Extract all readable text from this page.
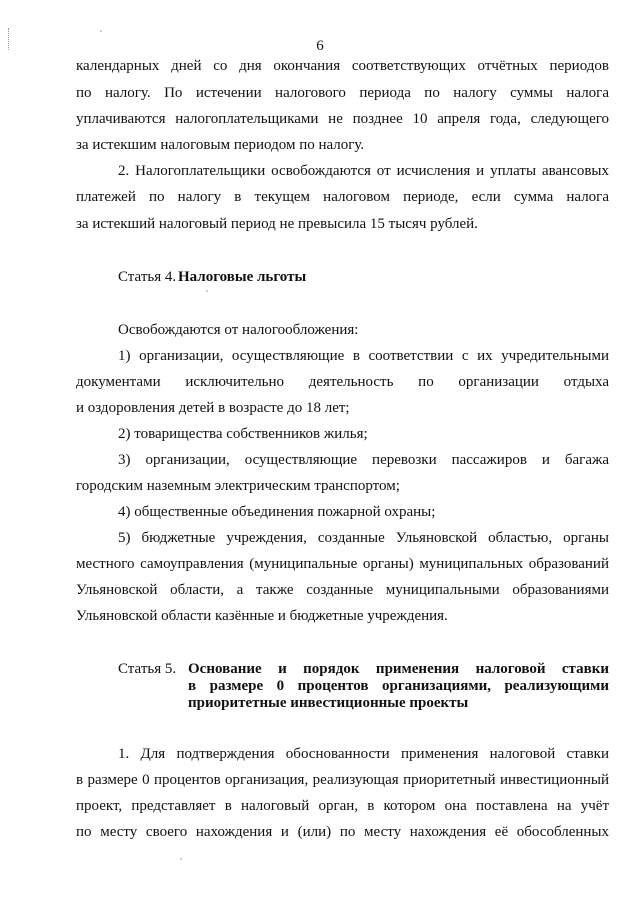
6
календарных дней со дня окончания соответствующих отчётных периодов
по налогу. По истечении налогового периода по налогу суммы налога
уплачиваются налогоплательщиками не позднее 10 апреля года, следующего
за истекшим налоговым периодом по налогу.
2. Налогоплательщики освобождаются от исчисления и уплаты авансовых
платежей по налогу в текущем налоговом периоде, если сумма налога
за истекший налоговый период не превысила 15 тысяч рублей.
Статья 4. Налоговые льготы
Освобождаются от налогообложения:
1) организации, осуществляющие в соответствии с их учредительными
документами исключительно деятельность по организации отдыха
и оздоровления детей в возрасте до 18 лет;
2) товарищества собственников жилья;
3) организации, осуществляющие перевозки пассажиров и багажа
городским наземным электрическим транспортом;
4) общественные объединения пожарной охраны;
5) бюджетные учреждения, созданные Ульяновской областью, органы
местного самоуправления (муниципальные органы) муниципальных образований
Ульяновской области, а также созданные муниципальными образованиями
Ульяновской области казённые и бюджетные учреждения.
Статья 5. Основание и порядок применения налоговой ставки
в размере 0 процентов организациями, реализующими
приоритетные инвестиционные проекты
1. Для подтверждения обоснованности применения налоговой ставки
в размере 0 процентов организация, реализующая приоритетный инвестиционный
проект, представляет в налоговый орган, в котором она поставлена на учёт
по месту своего нахождения и (или) по месту нахождения её обособленных
